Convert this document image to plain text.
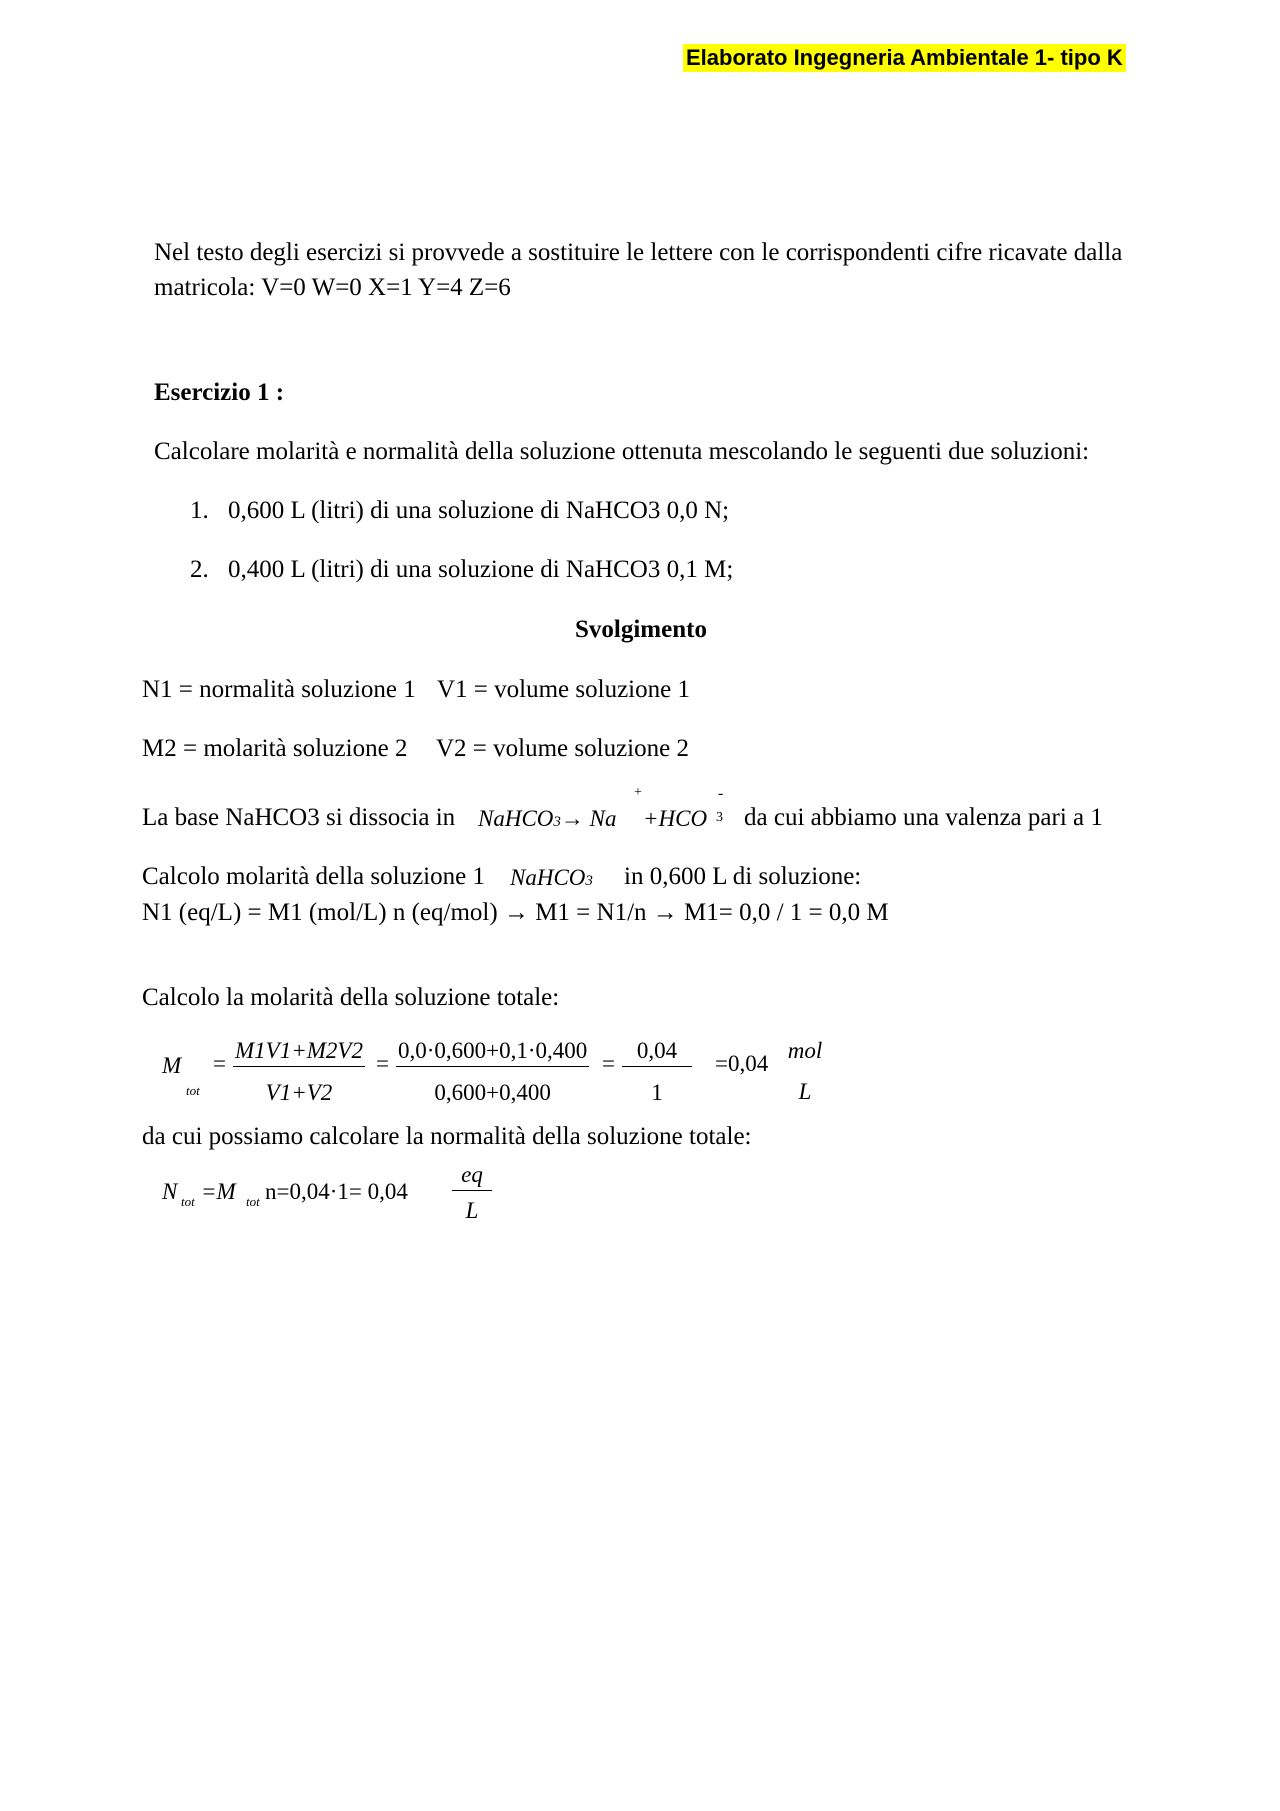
Elaborato Ingegneria Ambientale 1- tipo K
Nel testo degli esercizi si provvede a sostituire le lettere con le corrispondenti cifre ricavate dalla
matricola: V=0 W=0 X=1 Y=4 Z=6
Esercizio 1 :
Calcolare molarità e normalità della soluzione ottenuta mescolando le seguenti due soluzioni:
1. 0,600 L (litri) di una soluzione di NaHCO3 0,0 N;
2. 0,400 L (litri) di una soluzione di NaHCO3 0,1 M;
Svolgimento
N1 = normalità soluzione 1 V1 = volume soluzione 1
M2 = molarità soluzione 2 V2 = volume soluzione 2
La base NaHCO3 si dissocia in NaHCO3→ Na
+
+HCO 3
-
da cui abbiamo una valenza pari a 1
Calcolo molarità della soluzione 1 NaHCO3 in 0,600 L di soluzione:
N1 (eq/L) = M1 (mol/L) n (eq/mol) → M1 = N1/n → M1= 0,0 / 1 = 0,0 M
Calcolo la molarità della soluzione totale:
M
tot
= $\frac{M1V1+M2V2}{V1+V2} = \frac{0,0\cdot 0,600+0,1\cdot 0,400}{0,600+0,400} = \frac{0,04}{1} =0,04$
mol
L
da cui possiamo calcolare la normalità della soluzione totale:
N tot =M tot $n=0,04\cdot 1= 0,04 \frac{eq}{L}$
